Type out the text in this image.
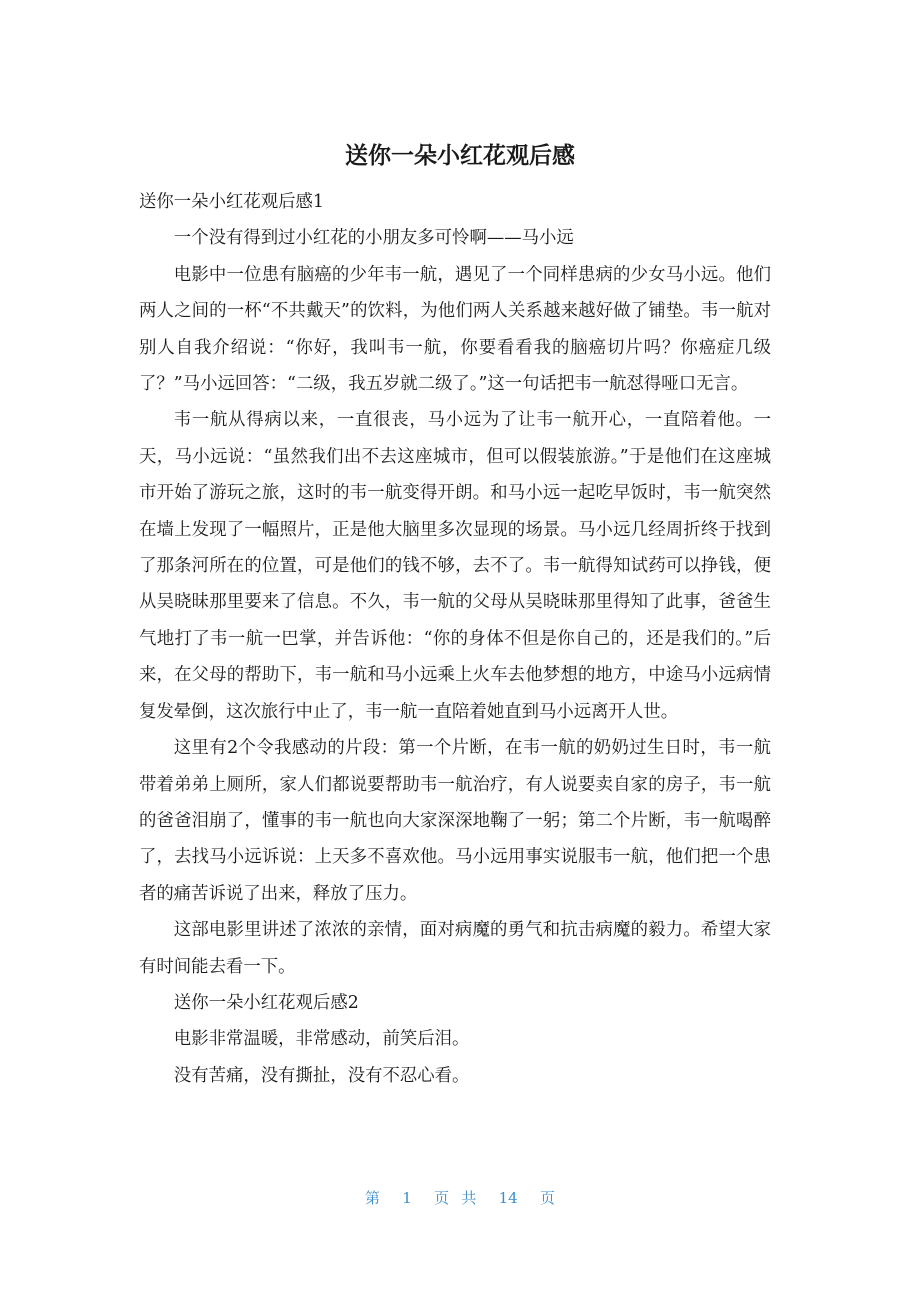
送你一朵小红花观后感

送你一朵小红花观后感1

一个没有得到过小红花的小朋友多可怜啊——马小远

电影中一位患有脑癌的少年韦一航，遇见了一个同样患病的少女马小远。他们两人之间的一杯“不共戴天”的饮料，为他们两人关系越来越好做了铺垫。韦一航对别人自我介绍说：“你好，我叫韦一航，你要看看我的脑癌切片吗？你癌症几级了？”马小远回答：“二级，我五岁就二级了。”这一句话把韦一航怼得哑口无言。

韦一航从得病以来，一直很丧，马小远为了让韦一航开心，一直陪着他。一天，马小远说：“虽然我们出不去这座城市，但可以假装旅游。”于是他们在这座城市开始了游玩之旅，这时的韦一航变得开朗。和马小远一起吃早饭时，韦一航突然在墙上发现了一幅照片，正是他大脑里多次显现的场景。马小远几经周折终于找到了那条河所在的位置，可是他们的钱不够，去不了。韦一航得知试药可以挣钱，便从吴晓昧那里要来了信息。不久，韦一航的父母从吴晓昧那里得知了此事，爸爸生气地打了韦一航一巴掌，并告诉他：“你的身体不但是你自己的，还是我们的。”后来，在父母的帮助下，韦一航和马小远乘上火车去他梦想的地方，中途马小远病情复发晕倒，这次旅行中止了，韦一航一直陪着她直到马小远离开人世。

这里有2个令我感动的片段：第一个片断，在韦一航的奶奶过生日时，韦一航带着弟弟上厕所，家人们都说要帮助韦一航治疗，有人说要卖自家的房子，韦一航的爸爸泪崩了，懂事的韦一航也向大家深深地鞠了一躬；第二个片断，韦一航喝醉了，去找马小远诉说：上天多不喜欢他。马小远用事实说服韦一航，他们把一个患者的痛苦诉说了出来，释放了压力。

这部电影里讲述了浓浓的亲情，面对病魔的勇气和抗击病魔的毅力。希望大家有时间能去看一下。

送你一朵小红花观后感2

电影非常温暖，非常感动，前笑后泪。

没有苦痛，没有撕扯，没有不忍心看。

第 1 页 共 14 页
